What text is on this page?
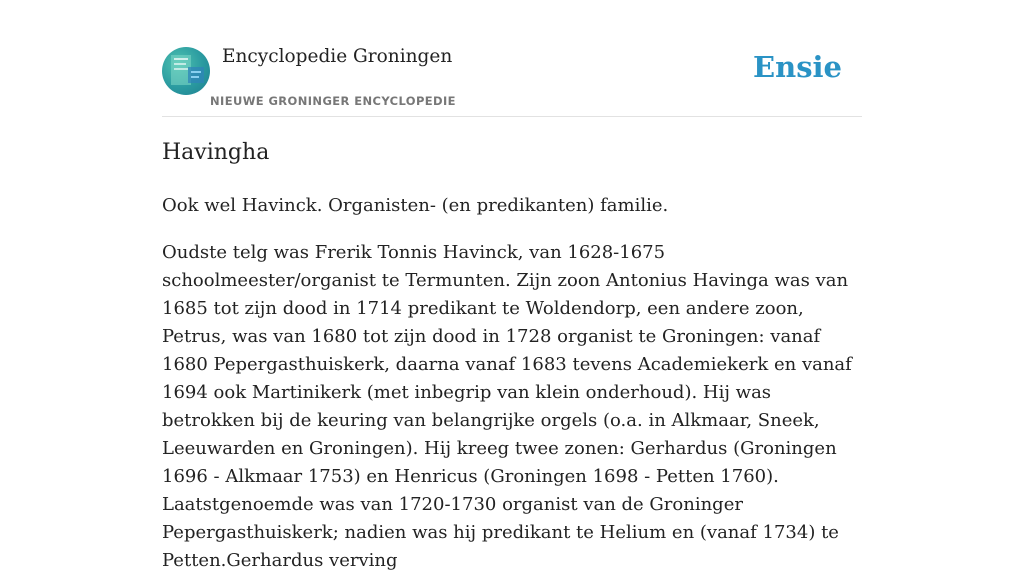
Encyclopedie Groningen
NIEUWE GRONINGER ENCYCLOPEDIE
Ensie
Havingha

Ook wel Havinck. Organisten- (en predikanten) familie.

Oudste telg was Frerik Tonnis Havinck, van 1628-1675 schoolmeester/organist te Termunten. Zijn zoon Antonius Havinga was van 1685 tot zijn dood in 1714 predikant te Woldendorp, een andere zoon, Petrus, was van 1680 tot zijn dood in 1728 organist te Groningen: vanaf 1680 Pepergasthuiskerk, daarna vanaf 1683 tevens Academiekerk en vanaf 1694 ook Martinikerk (met inbegrip van klein onderhoud). Hij was betrokken bij de keuring van belangrijke orgels (o.a. in Alkmaar, Sneek, Leeuwarden en Groningen). Hij kreeg twee zonen: Gerhardus (Groningen 1696 - Alkmaar 1753) en Henricus (Groningen 1698 - Petten 1760). Laatstgenoemde was van 1720-1730 organist van de Groninger Pepergasthuiskerk; nadien was hij predikant te Helium en (vanaf 1734) te Petten.Gerhardus verving
